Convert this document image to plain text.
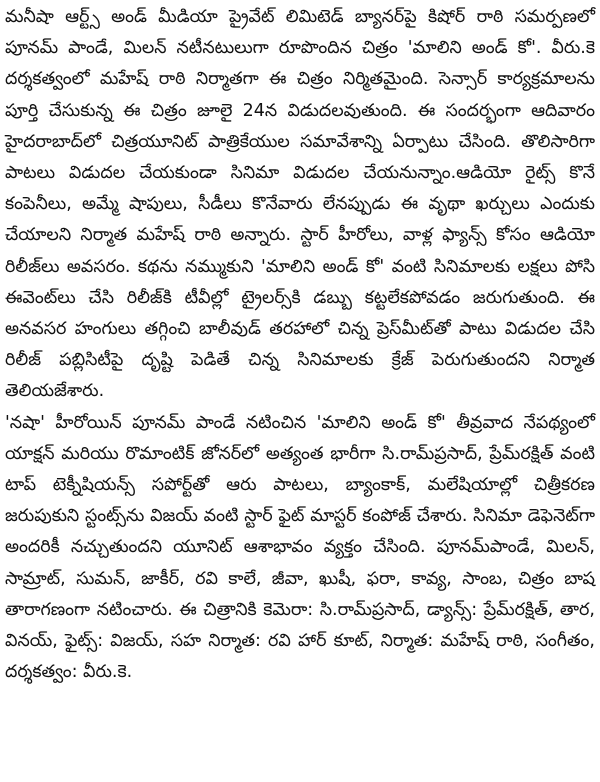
మనీషా ఆర్ట్స్ అండ్ మీడియా ప్రైవేట్ లిమిటెడ్ బ్యానర్‌పై కిషోర్ రాఠి సమర్పణలో పూనమ్ పాండే, మిలన్ నటీనటులుగా రూపొందిన చిత్రం 'మాలిని అండ్ కో'. వీరు.కె దర్శకత్వంలో మహేష్ రాఠి నిర్మాతగా ఈ చిత్రం నిర్మితమైంది. సెన్సార్ కార్యక్రమాలను పూర్తి చేసుకున్న ఈ చిత్రం జూలై 24న విడుదలవుతుంది. ఈ సందర్భంగా ఆదివారం హైదరాబాద్‌లో చిత్రయూనిట్ పాత్రికేయుల సమావేశాన్ని ఏర్పాటు చేసింది. తొలిసారిగా పాటలు విడుదల చేయకుండా సినిమా విడుదల చేయనున్నాం.ఆడియో రైట్స్ కొనే కంపెనీలు, అమ్మే షాపులు, సీడీలు కొనేవారు లేనప్పుడు ఈ వృథా ఖర్చులు ఎందుకు చేయాలని నిర్మాత మహేష్ రాఠి అన్నారు. స్టార్ హీరోలు, వాళ్ల ఫ్యాన్స్ కోసం ఆడియో రిలీజ్‌లు అవసరం. కథను నమ్ముకుని 'మాలిని అండ్ కో' వంటి సినిమాలకు లక్షలు పోసి ఈవెంట్‌లు చేసి రిలీజ్‌కి టీవీల్లో ట్రైలర్స్‌కి డబ్బు కట్టలేకపోవడం జరుగుతుంది. ఈ అనవసర హంగులు తగ్గించి బాలీవుడ్ తరహాలో చిన్న ప్రెస్‌మీట్‌తో పాటు విడుదల చేసి రిలీజ్ పబ్లిసిటీపై దృష్టి పెడితే చిన్న సినిమాలకు క్రేజ్ పెరుగుతుందని నిర్మాత తెలియజేశారు.

'నషా' హీరోయిన్ పూనమ్ పాండే నటించిన 'మాలిని అండ్ కో' తీవ్రవాద నేపథ్యంలో యాక్షన్ మరియు రొమాంటిక్ జోనర్‌లో అత్యంత భారీగా సి.రామ్‌ప్రసాద్, ప్రేమ్‌రక్షిత్ వంటి టాప్ టెక్నీషియన్స్ సపోర్ట్‌తో ఆరు పాటలు, బ్యాంకాక్, మలేషియాల్లో చిత్రీకరణ జరుపుకుని స్టంట్స్‌ను విజయ్ వంటి స్టార్ ఫైట్ మాస్టర్ కంపోజ్ చేశారు. సినిమా డెఫెనెట్‌గా అందరికీ నచ్చుతుందని యూనిట్ ఆశాభావం వ్యక్తం చేసింది. పూనమ్‌పాండే, మిలన్, సామ్రాట్, సుమన్, జాకీర్, రవి కాలే, జీవా, ఖుషీ, ఫరా, కావ్య, సాంబ, చిత్రం బాష తారాగణంగా నటించారు. ఈ చిత్రానికి కెమెరా: సి.రామ్‌ప్రసాద్, డ్యాన్స్: ప్రేమ్‌రక్షిత్, తార, వినయ్, ఫైట్స్: విజయ్, సహ నిర్మాత: రవి హార్ కూట్, నిర్మాత: మహేష్ రాఠి, సంగీతం, దర్శకత్వం: వీరు.కె.
